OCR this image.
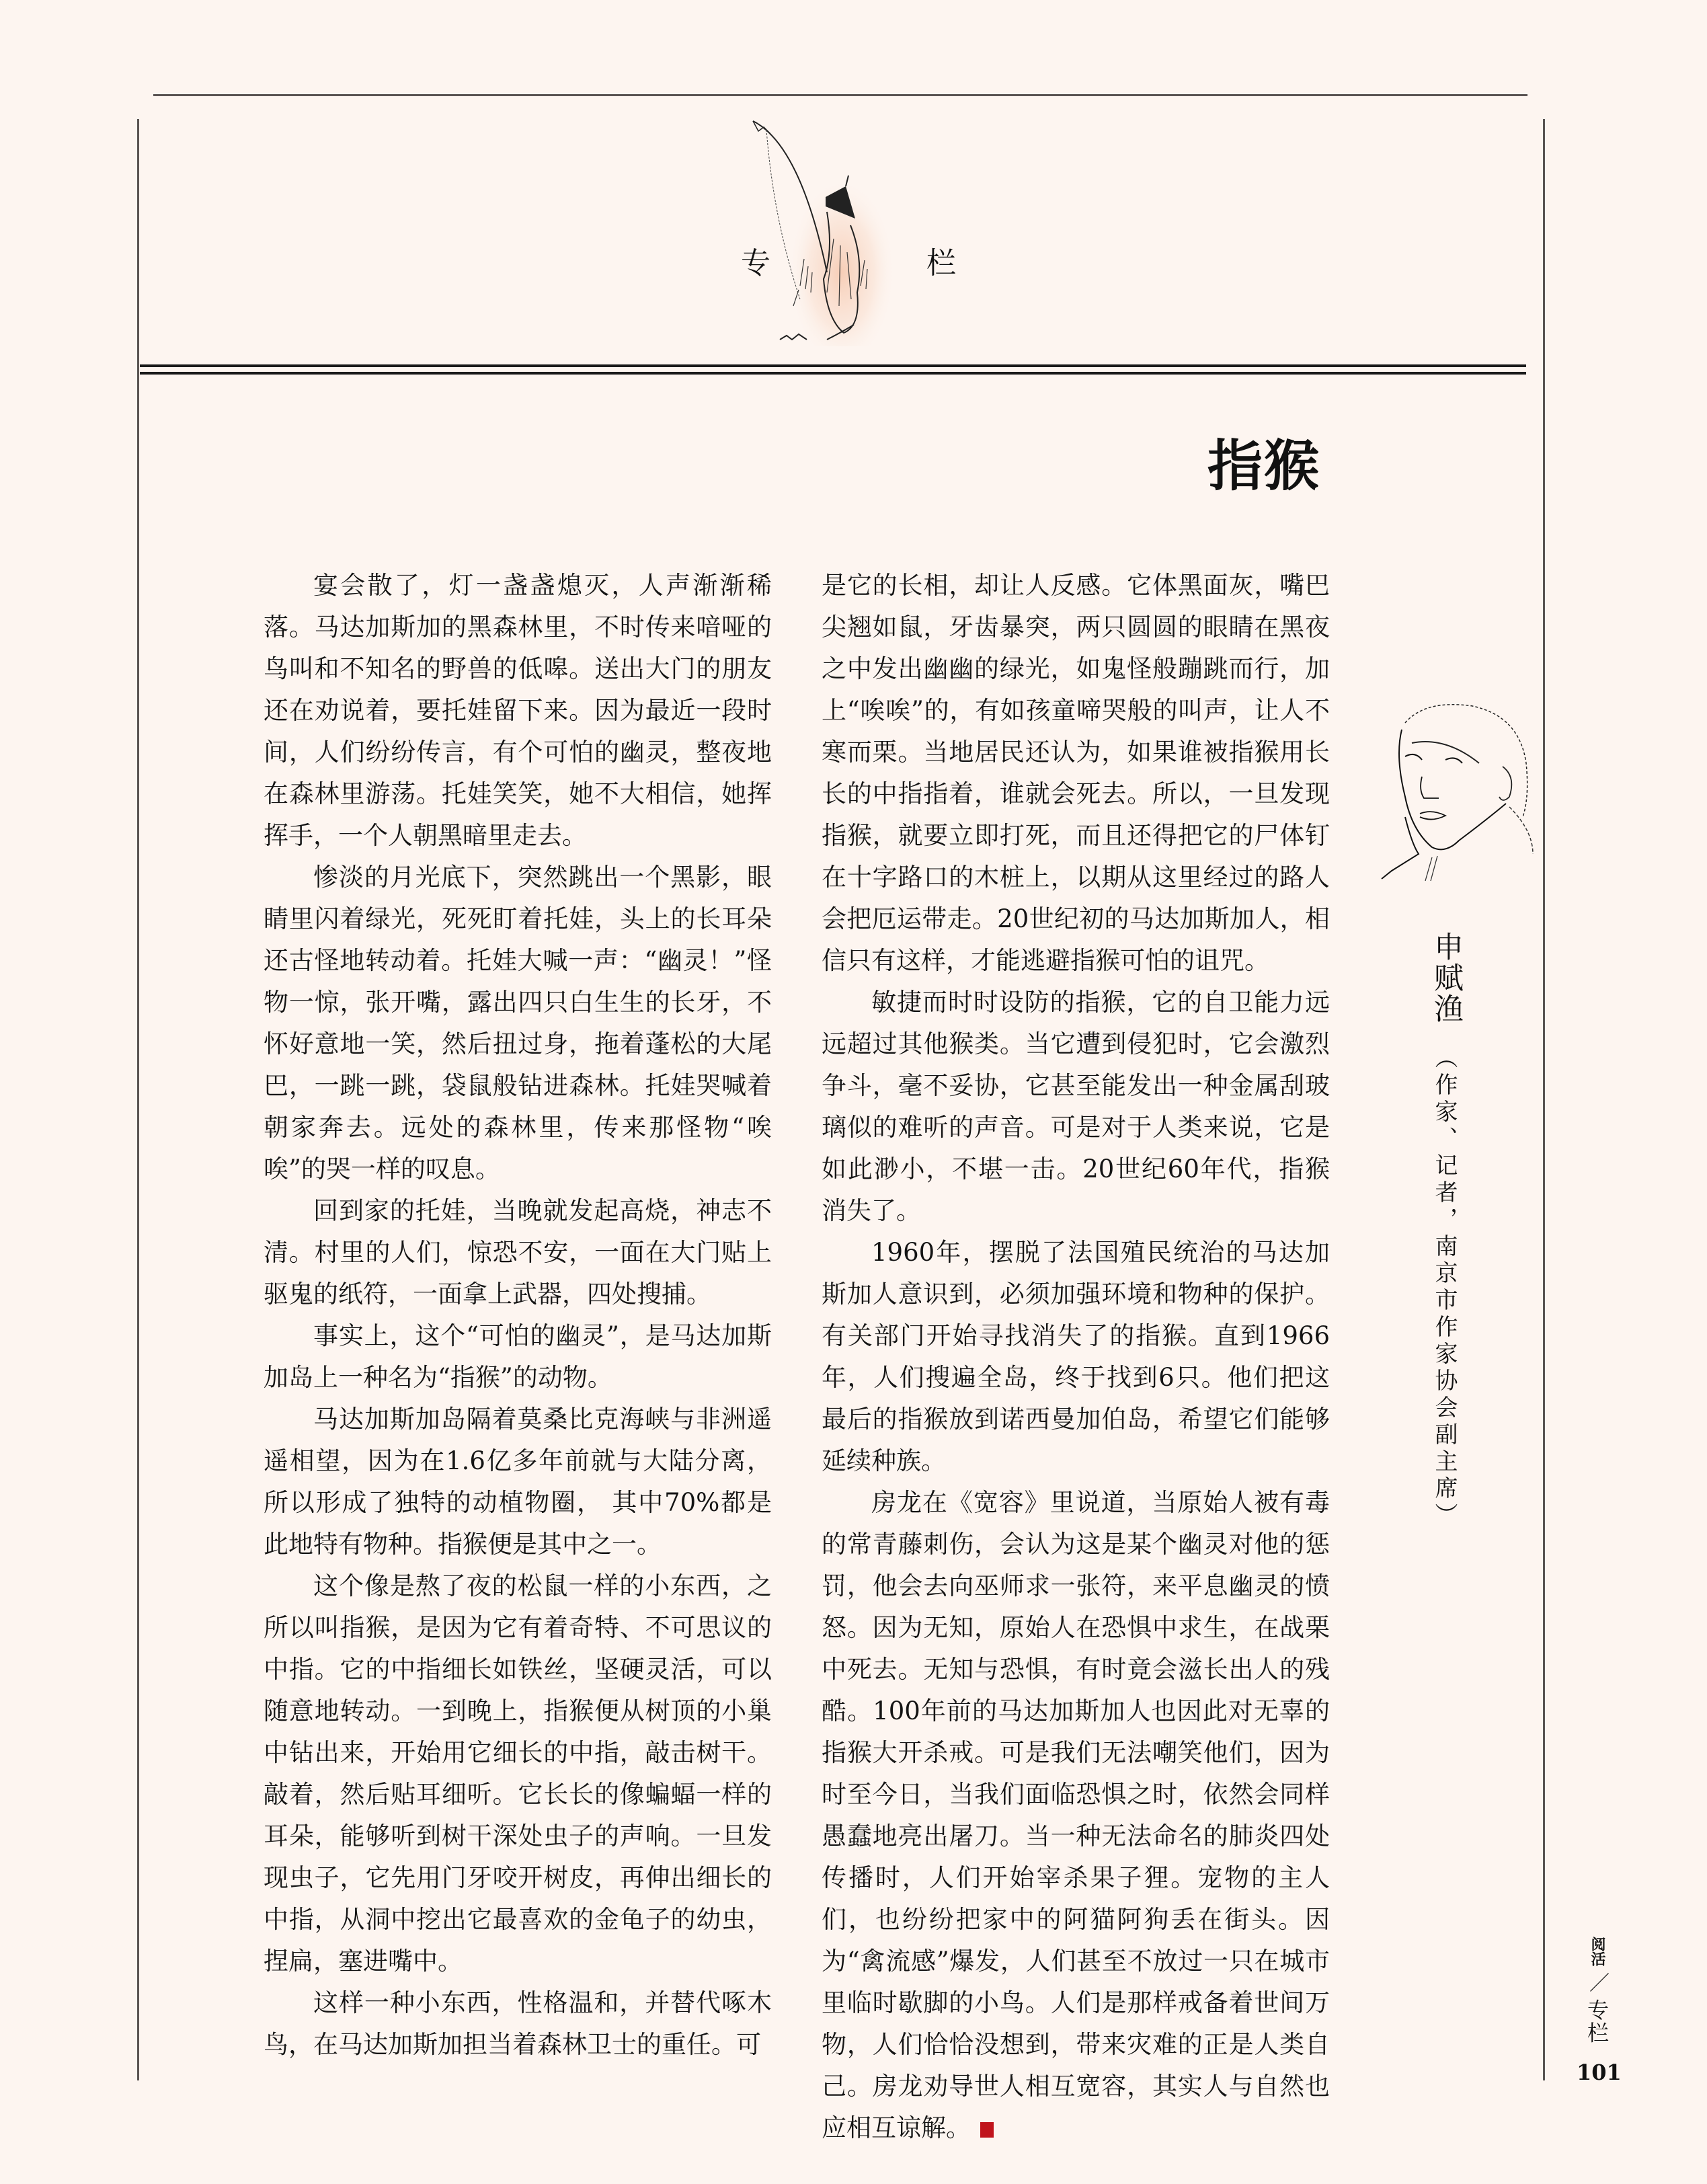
专	栏
指猴

宴会散了，灯一盏盏熄灭，人声渐渐稀落。马达加斯加的黑森林里，不时传来喑哑的鸟叫和不知名的野兽的低嗥。送出大门的朋友还在劝说着，要托娃留下来。因为最近一段时间，人们纷纷传言，有个可怕的幽灵，整夜地在森林里游荡。托娃笑笑，她不大相信，她挥挥手，一个人朝黑暗里走去。

惨淡的月光底下，突然跳出一个黑影，眼睛里闪着绿光，死死盯着托娃，头上的长耳朵还古怪地转动着。托娃大喊一声：“幽灵！”怪物一惊，张开嘴，露出四只白生生的长牙，不怀好意地一笑，然后扭过身，拖着蓬松的大尾巴，一跳一跳，袋鼠般钻进森林。托娃哭喊着朝家奔去。远处的森林里，传来那怪物“唉唉”的哭一样的叹息。

回到家的托娃，当晚就发起高烧，神志不清。村里的人们，惊恐不安，一面在大门贴上驱鬼的纸符，一面拿上武器，四处搜捕。

事实上，这个“可怕的幽灵”，是马达加斯加岛上一种名为“指猴”的动物。

马达加斯加岛隔着莫桑比克海峡与非洲遥遥相望，因为在1.6亿多年前就与大陆分离，所以形成了独特的动植物圈， 其中70%都是此地特有物种。指猴便是其中之一。

这个像是熬了夜的松鼠一样的小东西，之所以叫指猴，是因为它有着奇特、不可思议的中指。它的中指细长如铁丝，坚硬灵活，可以随意地转动。一到晚上，指猴便从树顶的小巢中钻出来，开始用它细长的中指，敲击树干。敲着，然后贴耳细听。它长长的像蝙蝠一样的耳朵，能够听到树干深处虫子的声响。一旦发现虫子，它先用门牙咬开树皮，再伸出细长的中指，从洞中挖出它最喜欢的金龟子的幼虫，捏扁，塞进嘴中。

这样一种小东西，性格温和，并替代啄木鸟，在马达加斯加担当着森林卫士的重任。可

是它的长相，却让人反感。它体黑面灰，嘴巴尖翘如鼠，牙齿暴突，两只圆圆的眼睛在黑夜之中发出幽幽的绿光，如鬼怪般蹦跳而行，加上“唉唉”的，有如孩童啼哭般的叫声，让人不寒而栗。当地居民还认为，如果谁被指猴用长长的中指指着，谁就会死去。所以，一旦发现指猴，就要立即打死，而且还得把它的尸体钉在十字路口的木桩上，以期从这里经过的路人会把厄运带走。20世纪初的马达加斯加人，相信只有这样，才能逃避指猴可怕的诅咒。

敏捷而时时设防的指猴，它的自卫能力远远超过其他猴类。当它遭到侵犯时，它会激烈争斗，毫不妥协，它甚至能发出一种金属刮玻璃似的难听的声音。可是对于人类来说，它是如此渺小，不堪一击。20世纪60年代，指猴消失了。

1960年，摆脱了法国殖民统治的马达加斯加人意识到，必须加强环境和物种的保护。有关部门开始寻找消失了的指猴。直到1966年，人们搜遍全岛，终于找到6只。他们把这最后的指猴放到诺西曼加伯岛，希望它们能够延续种族。

房龙在《宽容》里说道，当原始人被有毒的常青藤刺伤，会认为这是某个幽灵对他的惩罚，他会去向巫师求一张符，来平息幽灵的愤怒。因为无知，原始人在恐惧中求生，在战栗中死去。无知与恐惧，有时竟会滋长出人的残酷。100年前的马达加斯加人也因此对无辜的指猴大开杀戒。可是我们无法嘲笑他们，因为时至今日，当我们面临恐惧之时，依然会同样愚蠢地亮出屠刀。当一种无法命名的肺炎四处传播时，人们开始宰杀果子狸。宠物的主人们，也纷纷把家中的阿猫阿狗丢在街头。因为“禽流感”爆发，人们甚至不放过一只在城市里临时歇脚的小鸟。人们是那样戒备着世间万物，人们恰恰没想到，带来灾难的正是人类自己。房龙劝导世人相互宽容，其实人与自然也应相互谅解。

申赋渔
（作家、记者，南京市作家协会副主席）
阅活 ／ 专栏
101
